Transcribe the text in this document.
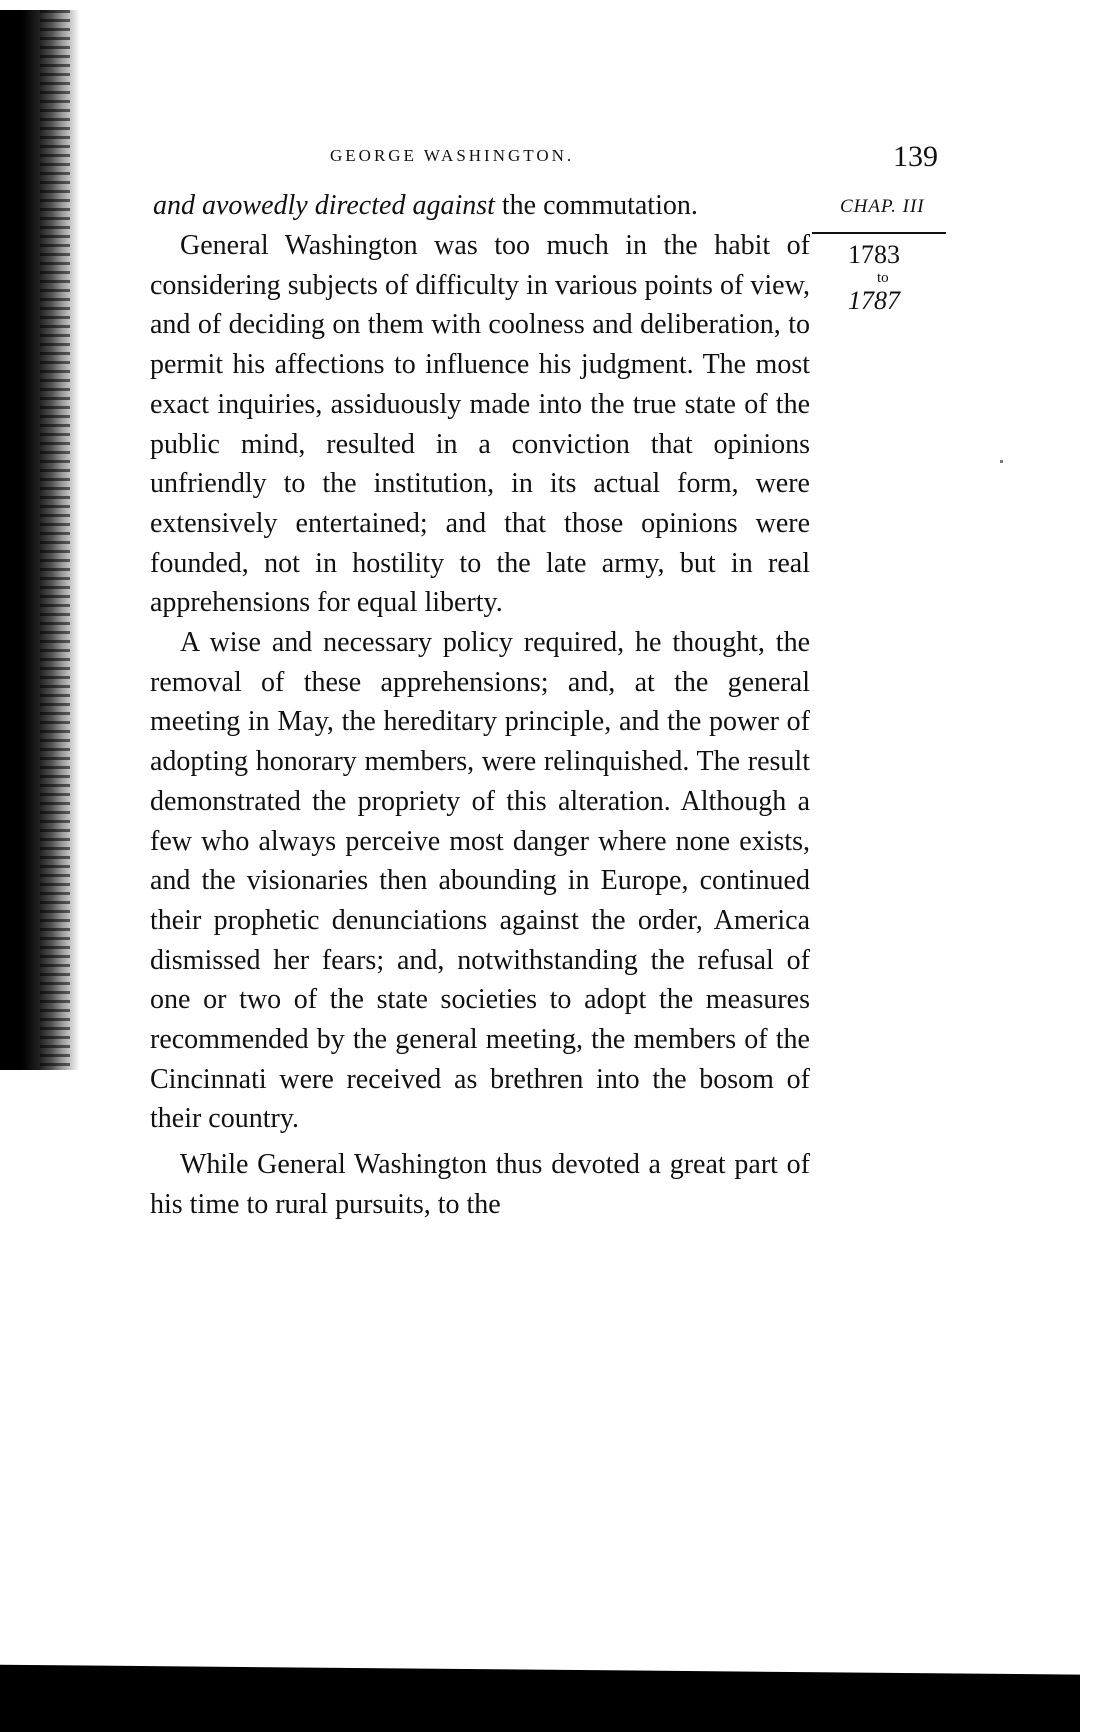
GEORGE WASHINGTON.	139
and avowedly directed against the commutation.	CHAP. III
1783
to
1787

General Washington was too much in the habit of considering subjects of difficulty in various points of view, and of deciding on them with coolness and deliberation, to permit his affections to influence his judgment. The most exact inquiries, assiduously made into the true state of the public mind, resulted in a conviction that opinions unfriendly to the institution, in its actual form, were extensively entertained; and that those opinions were founded, not in hostility to the late army, but in real apprehensions for equal liberty.

A wise and necessary policy required, he thought, the removal of these apprehensions; and, at the general meeting in May, the hereditary principle, and the power of adopting honorary members, were relinquished. The result demonstrated the propriety of this alteration. Although a few who always perceive most danger where none exists, and the visionaries then abounding in Europe, continued their prophetic denunciations against the order, America dismissed her fears; and, notwithstanding the refusal of one or two of the state societies to adopt the measures recommended by the general meeting, the members of the Cincinnati were received as brethren into the bosom of their country.

While General Washington thus devoted a great part of his time to rural pursuits, to the
